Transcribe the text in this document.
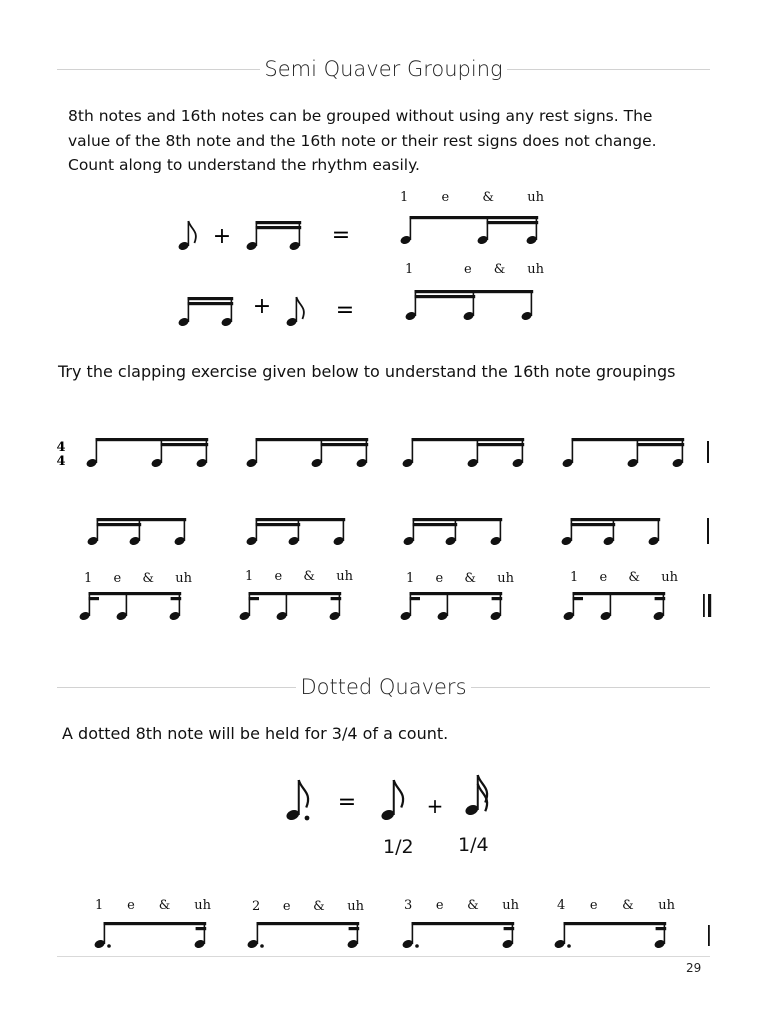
Semi Quaver Grouping
8th notes and 16th notes can be grouped without using any rest signs. The value of the 8th note and the 16th note or their rest signs does not change. Count along to understand the rhythm easily.
1	e	&	uh
1	e & uh
Try the clapping exercise given below to understand the 16th note groupings
1 e & uh	1 e & uh	1 e & uh	1 e & uh
Dotted Quavers
A dotted 8th note will be held for 3/4 of a count.
1/2 1/4
1 e & uh	2 e & uh	3 e & uh	4 e & uh
29
+	=
+	=
4
4
=	+
